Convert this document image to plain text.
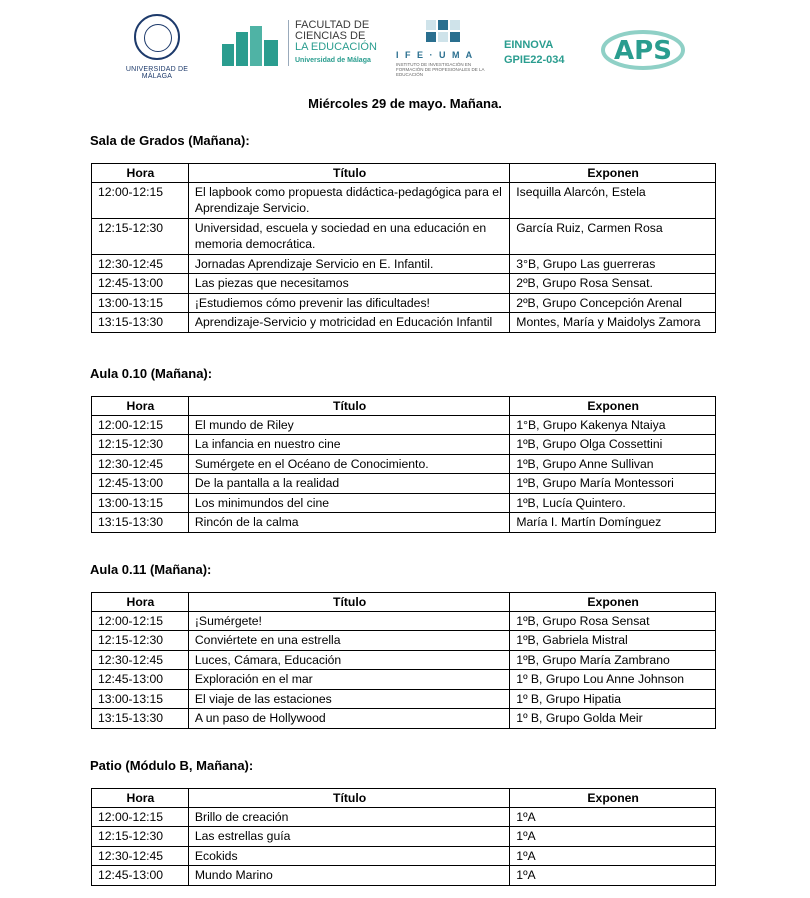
UNIVERSIDAD DE MÁLAGA
FACULTAD DE
CIENCIAS DE
LA EDUCACIÓN
Universidad de Málaga
I F E · U M A
INSTITUTO DE INVESTIGACIÓN EN FORMACIÓN DE PROFESIONALES DE LA EDUCACIÓN
EINNOVA
GPIE22-034 APS
Miércoles 29 de mayo. Mañana.
Sala de Grados (Mañana):
Hora	Título	Exponen
12:00-12:15	El lapbook como propuesta didáctica-pedagógica para el Aprendizaje Servicio.	Isequilla Alarcón, Estela
12:15-12:30	Universidad, escuela y sociedad en una educación en memoria democrática.	García Ruiz, Carmen Rosa
12:30-12:45	Jornadas Aprendizaje Servicio en E. Infantil.	3°B, Grupo Las guerreras
12:45-13:00	Las piezas que necesitamos	2ºB, Grupo Rosa Sensat.
13:00-13:15	¡Estudiemos cómo prevenir las dificultades!	2ºB, Grupo Concepción Arenal
13:15-13:30	Aprendizaje-Servicio y motricidad en Educación Infantil	Montes, María y Maidolys Zamora
Aula 0.10 (Mañana):
Hora	Título	Exponen
12:00-12:15	El mundo de Riley	1°B, Grupo Kakenya Ntaiya
12:15-12:30	La infancia en nuestro cine	1ºB, Grupo Olga Cossettini
12:30-12:45	Sumérgete en el Océano de Conocimiento.	1ºB, Grupo Anne Sullivan
12:45-13:00	De la pantalla a la realidad	1ºB, Grupo María Montessori
13:00-13:15	Los minimundos del cine	1ºB, Lucía Quintero.
13:15-13:30	Rincón de la calma	María I. Martín Domínguez
Aula 0.11 (Mañana):
Hora	Título	Exponen
12:00-12:15	¡Sumérgete!	1ºB, Grupo Rosa Sensat
12:15-12:30	Conviértete en una estrella	1ºB, Gabriela Mistral
12:30-12:45	Luces, Cámara, Educación	1ºB, Grupo María Zambrano
12:45-13:00	Exploración en el mar	1º B, Grupo Lou Anne Johnson
13:00-13:15	El viaje de las estaciones	1º B, Grupo Hipatia
13:15-13:30	A un paso de Hollywood	1º B, Grupo Golda Meir
Patio (Módulo B, Mañana):
Hora	Título	Exponen
12:00-12:15	Brillo de creación	1ºA
12:15-12:30	Las estrellas guía	1ºA
12:30-12:45	Ecokids	1ºA
12:45-13:00	Mundo Marino	1ºA
